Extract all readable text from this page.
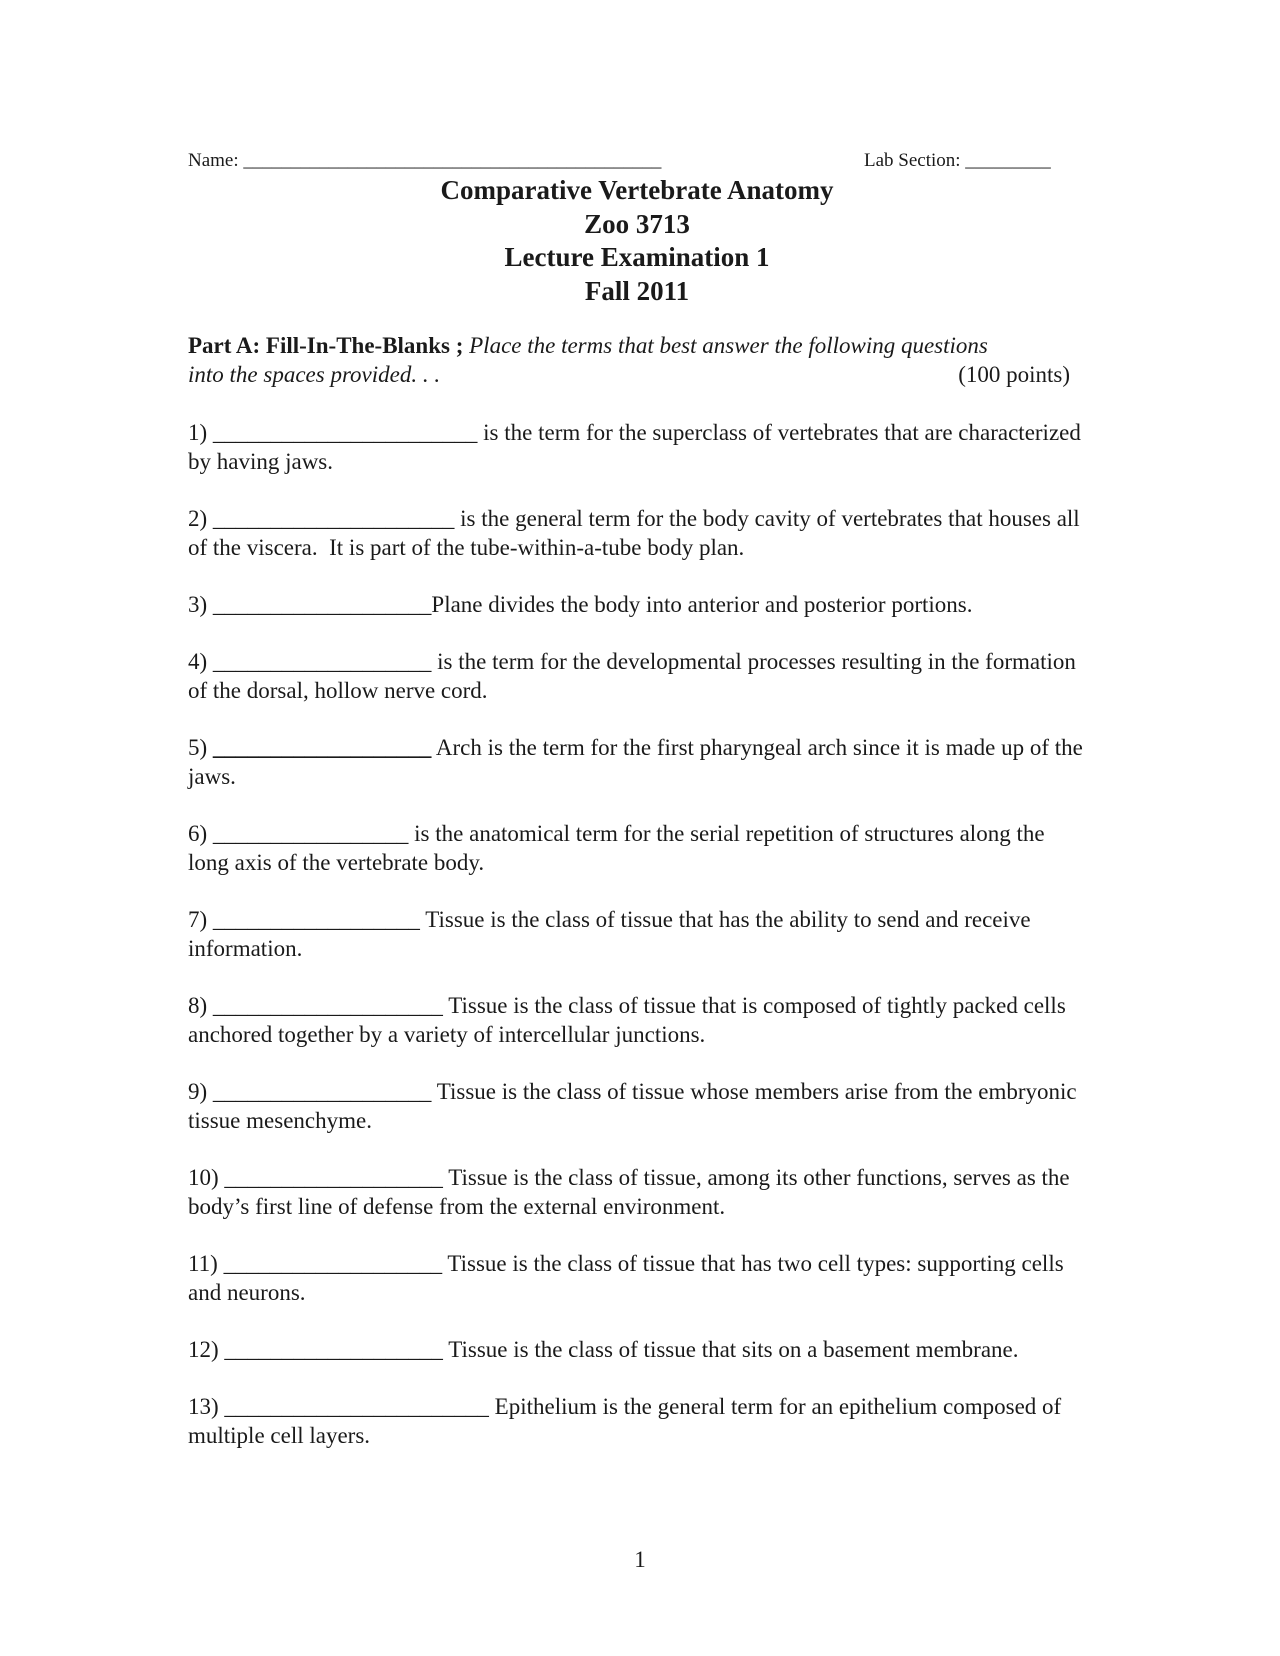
Name: ____________________________________________	Lab Section: _________
Comparative Vertebrate Anatomy
Zoo 3713
Lecture Examination 1
Fall 2011
Part A: Fill-In-The-Blanks ; Place the terms that best answer the following questions
into the spaces provided. . .	(100 points)
1) _______________________ is the term for the superclass of vertebrates that are characterized by having jaws.
2) _____________________ is the general term for the body cavity of vertebrates that houses all of the viscera.  It is part of the tube-within-a-tube body plan.
3) ___________________Plane divides the body into anterior and posterior portions.
4) ___________________ is the term for the developmental processes resulting in the formation of the dorsal, hollow nerve cord.
5) ___________________ Arch is the term for the first pharyngeal arch since it is made up of the jaws.
6) _________________ is the anatomical term for the serial repetition of structures along the long axis of the vertebrate body.
7) __________________ Tissue is the class of tissue that has the ability to send and receive information.
8) ____________________ Tissue is the class of tissue that is composed of tightly packed cells anchored together by a variety of intercellular junctions.
9) ___________________ Tissue is the class of tissue whose members arise from the embryonic tissue mesenchyme.
10) ___________________ Tissue is the class of tissue, among its other functions, serves as the body’s first line of defense from the external environment.
11) ___________________ Tissue is the class of tissue that has two cell types: supporting cells and neurons.
12) ___________________ Tissue is the class of tissue that sits on a basement membrane.
13) _______________________ Epithelium is the general term for an epithelium composed of multiple cell layers.
1
